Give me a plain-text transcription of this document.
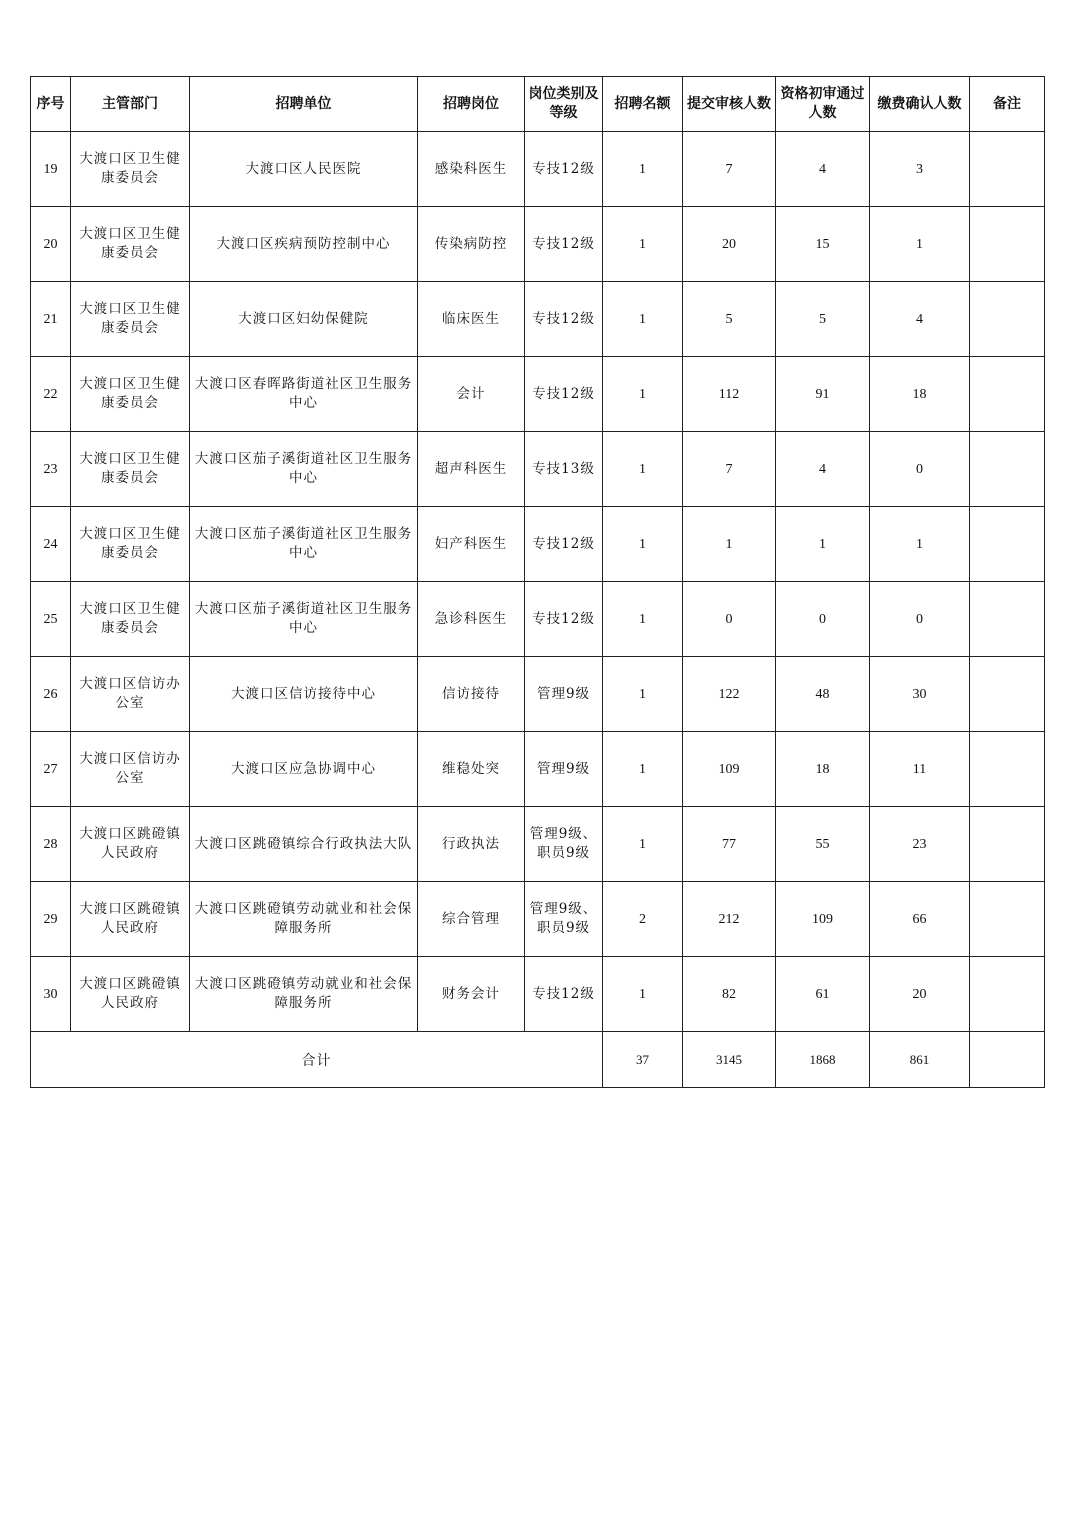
序号	主管部门	招聘单位	招聘岗位	岗位类别及等级	招聘名额	提交审核人数	资格初审通过人数	缴费确认人数	备注
19	大渡口区卫生健康委员会	大渡口区人民医院	感染科医生	专技12级	1	7	4	3	
20	大渡口区卫生健康委员会	大渡口区疾病预防控制中心	传染病防控	专技12级	1	20	15	1	
21	大渡口区卫生健康委员会	大渡口区妇幼保健院	临床医生	专技12级	1	5	5	4	
22	大渡口区卫生健康委员会	大渡口区春晖路街道社区卫生服务中心	会计	专技12级	1	112	91	18	
23	大渡口区卫生健康委员会	大渡口区茄子溪街道社区卫生服务中心	超声科医生	专技13级	1	7	4	0	
24	大渡口区卫生健康委员会	大渡口区茄子溪街道社区卫生服务中心	妇产科医生	专技12级	1	1	1	1	
25	大渡口区卫生健康委员会	大渡口区茄子溪街道社区卫生服务中心	急诊科医生	专技12级	1	0	0	0	
26	大渡口区信访办公室	大渡口区信访接待中心	信访接待	管理9级	1	122	48	30	
27	大渡口区信访办公室	大渡口区应急协调中心	维稳处突	管理9级	1	109	18	11	
28	大渡口区跳磴镇人民政府	大渡口区跳磴镇综合行政执法大队	行政执法	管理9级、职员9级	1	77	55	23	
29	大渡口区跳磴镇人民政府	大渡口区跳磴镇劳动就业和社会保障服务所	综合管理	管理9级、职员9级	2	212	109	66	
30	大渡口区跳磴镇人民政府	大渡口区跳磴镇劳动就业和社会保障服务所	财务会计	专技12级	1	82	61	20	
合计					37	3145	1868	861	
